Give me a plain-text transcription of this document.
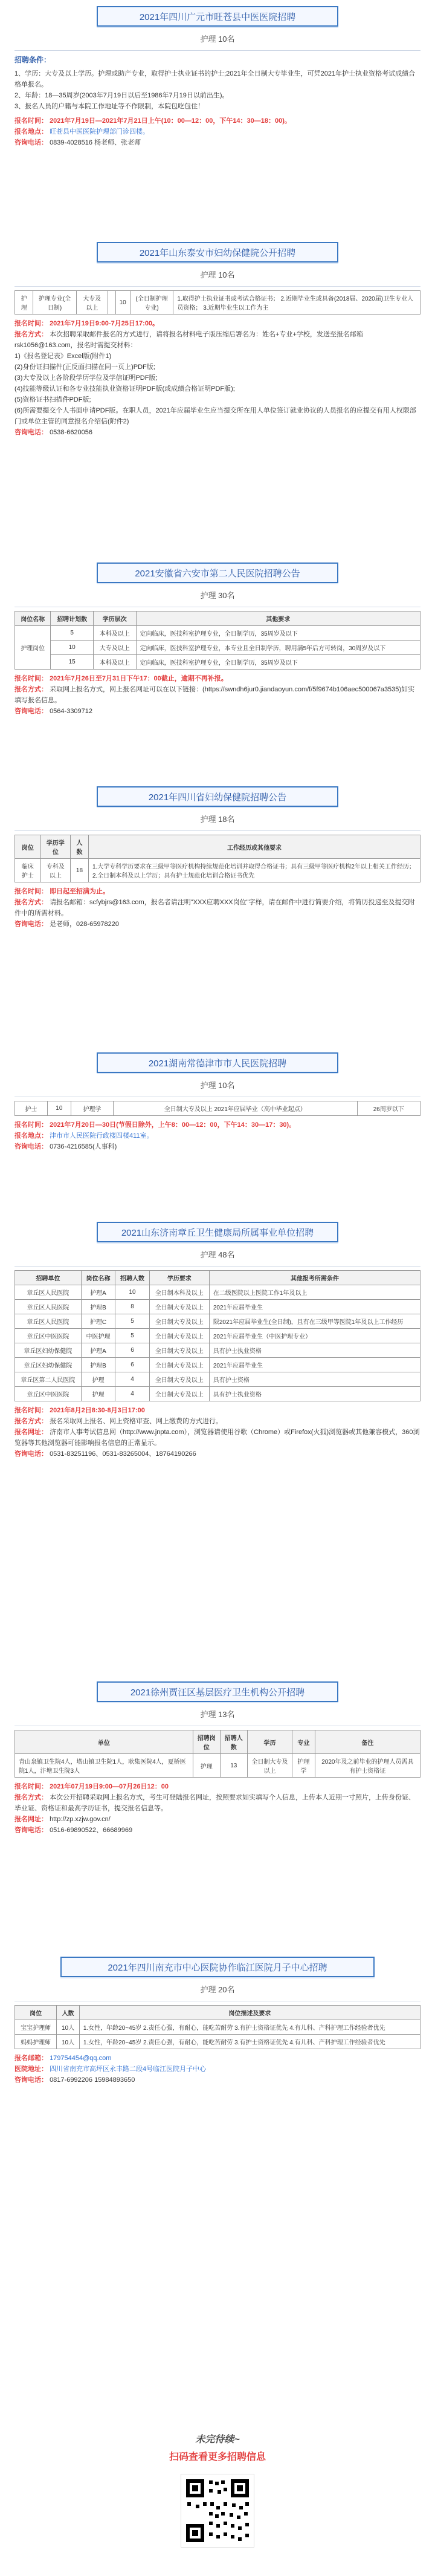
2021年四川广元市旺苍县中医医院招聘
护理 10名
招聘条件：
1、学历：大专及以上学历。护理或助产专业，取得护士执业证书的护士;2021年全日制大专毕业生，可凭2021年护士执业资格考试成绩合格单报名。
2、年龄：18—35周岁(2003年7月19日以后至1986年7月19日以前出生)。
3、报名人员的户籍与本院工作地址等不作限制，本院包吃包住！
报名时间： 2021年7月19日—2021年7月21日上午(10：00—12：00，下午14：30—18：00)。
报名地点： 旺苍县中医医院护理部门诊四楼。
咨询电话： 0839-4028516 杨老师、张老师
2021年山东泰安市妇幼保健院公开招聘
护理 10名
护理	护理专业(全日制)	大专及以上		10	(全日制护理专业)	1.取得护士执业证书或考试合格证书； 2.近期毕业生或具备(2018届、2020届)卫生专业人员资格； 3.近期毕业生以工作为主
报名时间： 2021年7月19日9:00-7月25日17:00。
报名方式： 本次招聘采取邮件报名的方式进行，请将报名材料电子版压缩后署名为：姓名+专业+学校，发送至报名邮箱rsk1056@163.com，报名时需提交材料：
1)《报名登记表》Excel版(附件1)
(2)身份证扫描件(正反面扫描在同一页上)PDF版;
(3)大专及以上各阶段学历学位及学信证明PDF版;
(4)技能等级认证和各专业技能执业资格证明PDF版(或成绩合格证明PDF版);
(5)资格证书扫描件PDF版;
(6)所需要提交个人书面申请PDF版。在职人员，2021年应届毕业生应当提交所在用人单位签订就业协议的人员报名的应提交有用人权限部门或单位主管的同意报名介绍信(附件2)
咨询电话： 0538-6620056
2021安徽省六安市第二人民医院招聘公告
护理 30名
岗位名称	招聘计划数	学历层次	其他要求
护理岗位	5	本科及以上	定向临床，医技科室护理专业，全日制学历，35周岁及以下
	10	大专及以上	定向临床，医技科室护理专业，本专业且全日制学历，聘用满5年后方可转岗，30周岁及以下
	15	本科及以上	定向临床，医技科室护理专业，全日制学历，35周岁及以下
报名时间： 2021年7月26日至7月31日下午17：00截止，逾期不再补报。
报名方式： 采取网上报名方式，网上报名网址可以在以下链接：(https://swndh6jur0.jiandaoyun.com/f/5f9674b106aec500067a3535)如实填写报名信息。
咨询电话： 0564-3309712
2021年四川省妇幼保健院招聘公告
护理 18名
岗位	学历学位	人数	工作经历或其他要求
临床护士	专科及以上	18	1.大学专科学历要求在三级甲等医疗机构持续规范化培训并取得合格证书；具有三级甲等医疗机构2年以上相关工作经历； 2.全日制本科及以上学历；具有护士规范化培训合格证书优先
报名时间： 即日起至招满为止。
报名方式： 请报名邮箱：scfybjrs@163.com，报名者请注明"XXX应聘XXX岗位"字样，请在邮件中进行简要介绍，将简历投递至及提交附件中的所需材料。
咨询电话： 是老师，028-65978220
2021湖南常德津市市人民医院招聘
护理 10名
护士	10	护理学	全日制大专及以上 2021年应届毕业（高中毕业起点）	26周岁以下
报名时间： 2021年7月20日—30日(节假日除外，上午8：00—12：00，下午14：30—17：30)。
报名地点： 津市市人民医院行政楼四楼411室。
咨询电话： 0736-4216585(人事科)
2021山东济南章丘卫生健康局所属事业单位招聘
护理 48名
招聘单位	岗位名称	招聘人数	学历要求	其他报考所需条件
章丘区人民医院	护理A	10	全日制本科及以上	在二级医院以上医院工作1年及以上
章丘区人民医院	护理B	8	全日制大专及以上	2021年应届毕业生
章丘区人民医院	护理C	5	全日制大专及以上	限2021年应届毕业生(全日制)，且有在三级甲等医院1年及以上工作经历
章丘区中医医院	中医护理	5	全日制大专及以上	2021年应届毕业生（中医护理专业）
章丘区妇幼保健院	护理A	6	全日制大专及以上	具有护士执业资格
章丘区妇幼保健院	护理B	6	全日制大专及以上	2021年应届毕业生
章丘区第二人民医院	护理	4	全日制大专及以上	具有护士资格
章丘区中医医院	护理	4	全日制大专及以上	具有护士执业资格
报名时间： 2021年8月2日8:30-8月3日17:00
报名方式： 报名采取网上报名、网上资格审查、网上缴费的方式进行。
报名网址： 济南市人事考试信息网（http://www.jnpta.com），浏览器请使用谷歌（Chrome）或Firefox(火狐)浏览器或其他兼容模式，360浏览器等其他浏览器可能影响报名信息的正常显示。
咨询电话： 0531-83251196、0531-83265004、18764190266
2021徐州贾汪区基层医疗卫生机构公开招聘
护理 13名
单位	招聘岗位	招聘人数	学历	专业	备注
青山泉镇卫生院4人，塔山镇卫生院1人，耿集医院4人，夏桥医院1人，汴塘卫生院3人	护理	13	全日制大专及以上	护理学	2020年及之前毕业的护理人员需具有护士资格证
报名时间： 2021年07月19日9:00—07月26日12：00
报名方式： 本次公开招聘采取网上报名方式，考生可登陆报名网址，按照要求如实填写个人信息，上传本人近期一寸照片，上传身份证、毕业证、资格证和最高学历证书，提交报名信息等。
报名网址： http://zp.xzjw.gov.cn/
咨询电话： 0516-69890522、66689969
2021年四川南充市中心医院协作临江医院月子中心招聘
护理 20名
岗位	人数	岗位描述及要求
宝宝护理师	10人	1.女性，年龄20~45岁 2.责任心强，有耐心，能吃苦耐劳 3.有护士资格证优先 4.有儿科、产科护理工作经验者优先
妈妈护理师	10人	1.女性，年龄20~45岁 2.责任心强，有耐心，能吃苦耐劳 3.有护士资格证优先 4.有儿科、产科护理工作经验者优先
报名邮箱： 179754454@qq.com
医院地址： 四川省南充市高坪区永丰路二段4号临江医院月子中心
咨询电话： 0817-6992206 15984893650
未完待续~
扫码查看更多招聘信息
